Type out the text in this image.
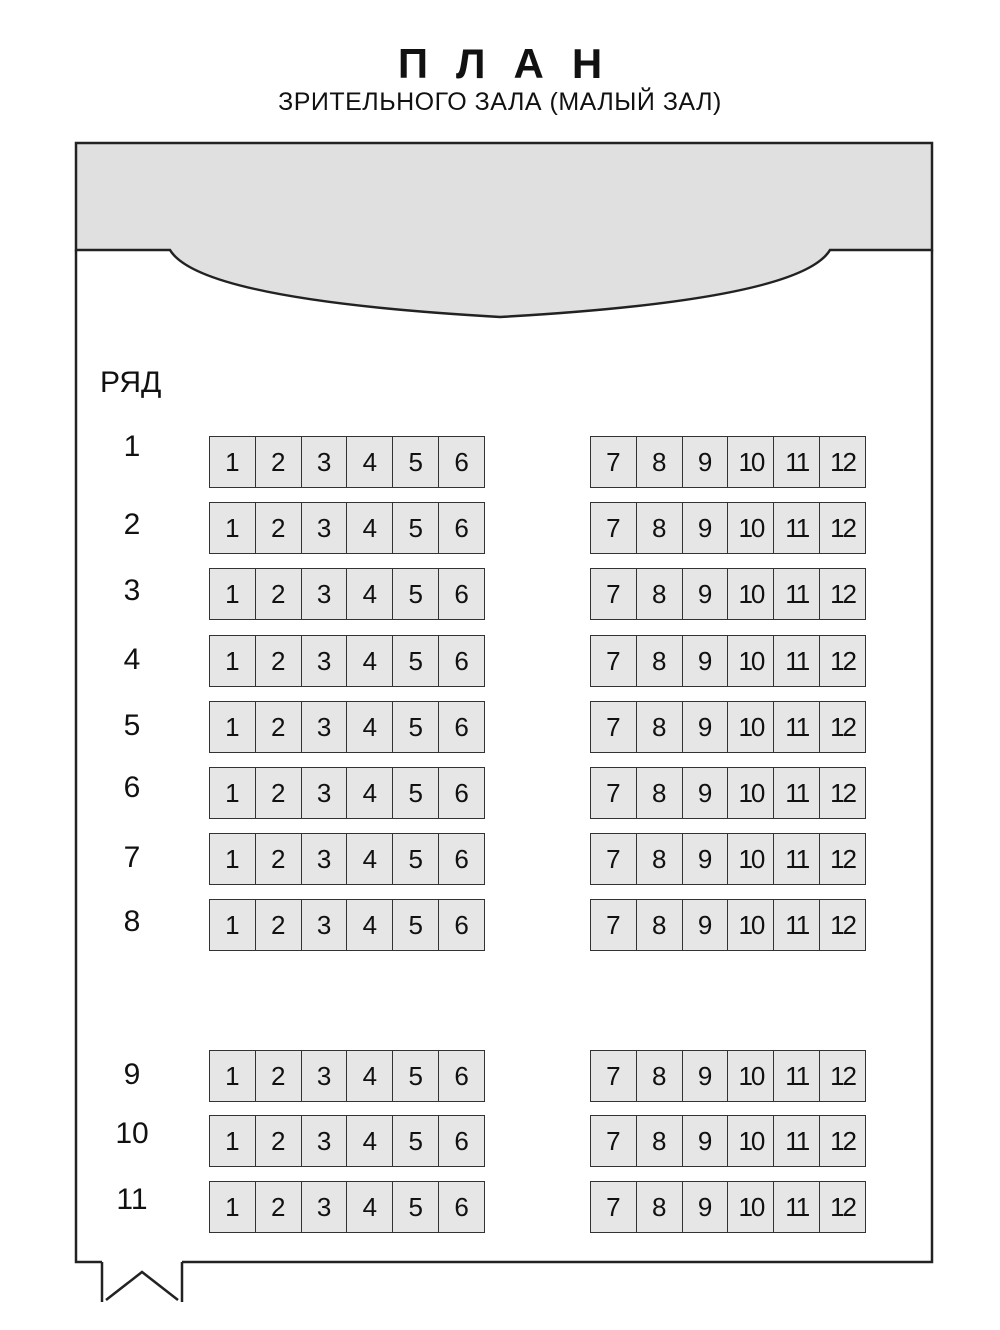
ПЛАН
ЗРИТЕЛЬНОГО ЗАЛА (МАЛЫЙ ЗАЛ)
РЯД
1	1	2	3	4	5	6	7	8	9	10 11 12
2	1	2	3	4	5	6	7	8	9	10 11 12
3	1	2	3	4	5	6	7	8	9	10 11 12
4	1	2	3	4	5	6	7	8	9	10 11 12
5	1	2	3	4	5	6	7	8	9	10 11 12
6	1	2	3	4	5	6	7	8	9	10 11 12
7	1	2	3	4	5	6	7	8	9	10 11 12
8	1	2	3	4	5	6	7	8	9	10 11 12
9	1	2	3	4	5	6	7	8	9	10 11 12
10	1	2	3	4	5	6	7	8	9	10 11 12
11	1	2	3	4	5	6	7	8	9	10 11 12
